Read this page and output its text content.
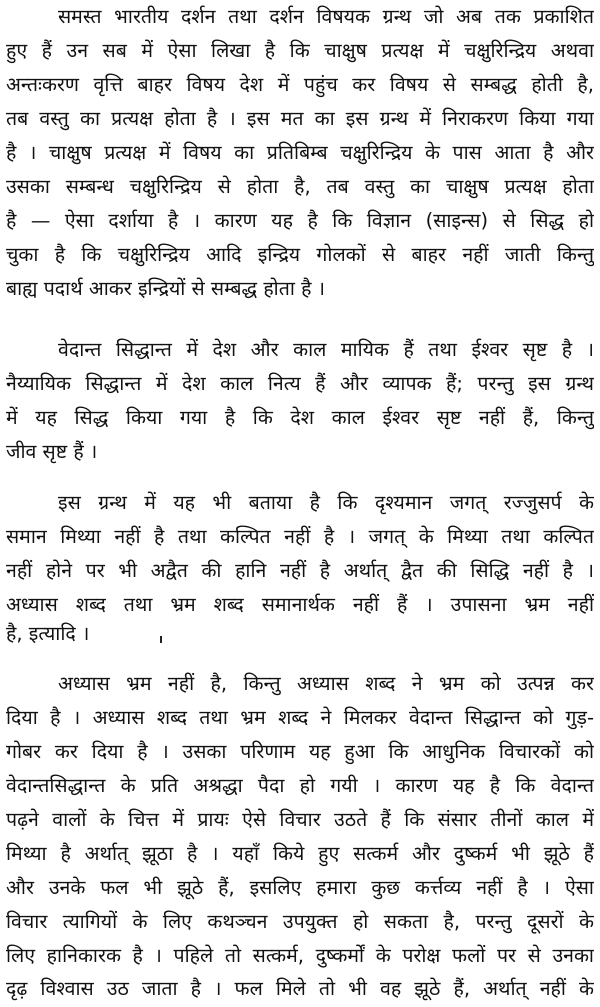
समस्त भारतीय दर्शन तथा दर्शन विषयक ग्रन्थ जो अब तक प्रकाशित
हुए हैं उन सब में ऐसा लिखा है कि चाक्षुष प्रत्यक्ष में चक्षुरिन्द्रिय अथवा
अन्तःकरण वृत्ति बाहर विषय देश में पहुंच कर विषय से सम्बद्ध होती है,
तब वस्तु का प्रत्यक्ष होता है । इस मत का इस ग्रन्थ में निराकरण किया गया
है । चाक्षुष प्रत्यक्ष में विषय का प्रतिबिम्ब चक्षुरिन्द्रिय के पास आता है और
उसका सम्बन्ध चक्षुरिन्द्रिय से होता है, तब वस्तु का चाक्षुष प्रत्यक्ष होता
है — ऐसा दर्शाया है । कारण यह है कि विज्ञान (साइन्स) से सिद्ध हो
चुका है कि चक्षुरिन्द्रिय आदि इन्द्रिय गोलकों से बाहर नहीं जाती किन्तु
बाह्य पदार्थ आकर इन्द्रियों से सम्बद्ध होता है ।
वेदान्त सिद्धान्त में देश और काल मायिक हैं तथा ईश्वर सृष्ट है ।
नैय्यायिक सिद्धान्त में देश काल नित्य हैं और व्यापक हैं; परन्तु इस ग्रन्थ
में यह सिद्ध किया गया है कि देश काल ईश्वर सृष्ट नहीं हैं, किन्तु
जीव सृष्ट हैं ।
इस ग्रन्थ में यह भी बताया है कि दृश्यमान जगत् रज्जुसर्प के
समान मिथ्या नहीं है तथा कल्पित नहीं है । जगत् के मिथ्या तथा कल्पित
नहीं होने पर भी अद्वैत की हानि नहीं है अर्थात् द्वैत की सिद्धि नहीं है ।
अध्यास शब्द तथा भ्रम शब्द समानार्थक नहीं हैं । उपासना भ्रम नहीं
है, इत्यादि ।
अध्यास भ्रम नहीं है, किन्तु अध्यास शब्द ने भ्रम को उत्पन्न कर
दिया है । अध्यास शब्द तथा भ्रम शब्द ने मिलकर वेदान्त सिद्धान्त को गुड़-
गोबर कर दिया है । उसका परिणाम यह हुआ कि आधुनिक विचारकों को
वेदान्तसिद्धान्त के प्रति अश्रद्धा पैदा हो गयी । कारण यह है कि वेदान्त
पढ़ने वालों के चित्त में प्रायः ऐसे विचार उठते हैं कि संसार तीनों काल में
मिथ्या है अर्थात् झूठा है । यहाँ किये हुए सत्कर्म और दुष्कर्म भी झूठे हैं
और उनके फल भी झूठे हैं, इसलिए हमारा कुछ कर्त्तव्य नहीं है । ऐसा
विचार त्यागियों के लिए कथञ्चन उपयुक्त हो सकता है, परन्तु दूसरों के
लिए हानिकारक है । पहिले तो सत्कर्म, दुष्कर्मों के परोक्ष फलों पर से उनका
दृढ़ विश्वास उठ जाता है । फल मिले तो भी वह झूठे हैं, अर्थात् नहीं के
